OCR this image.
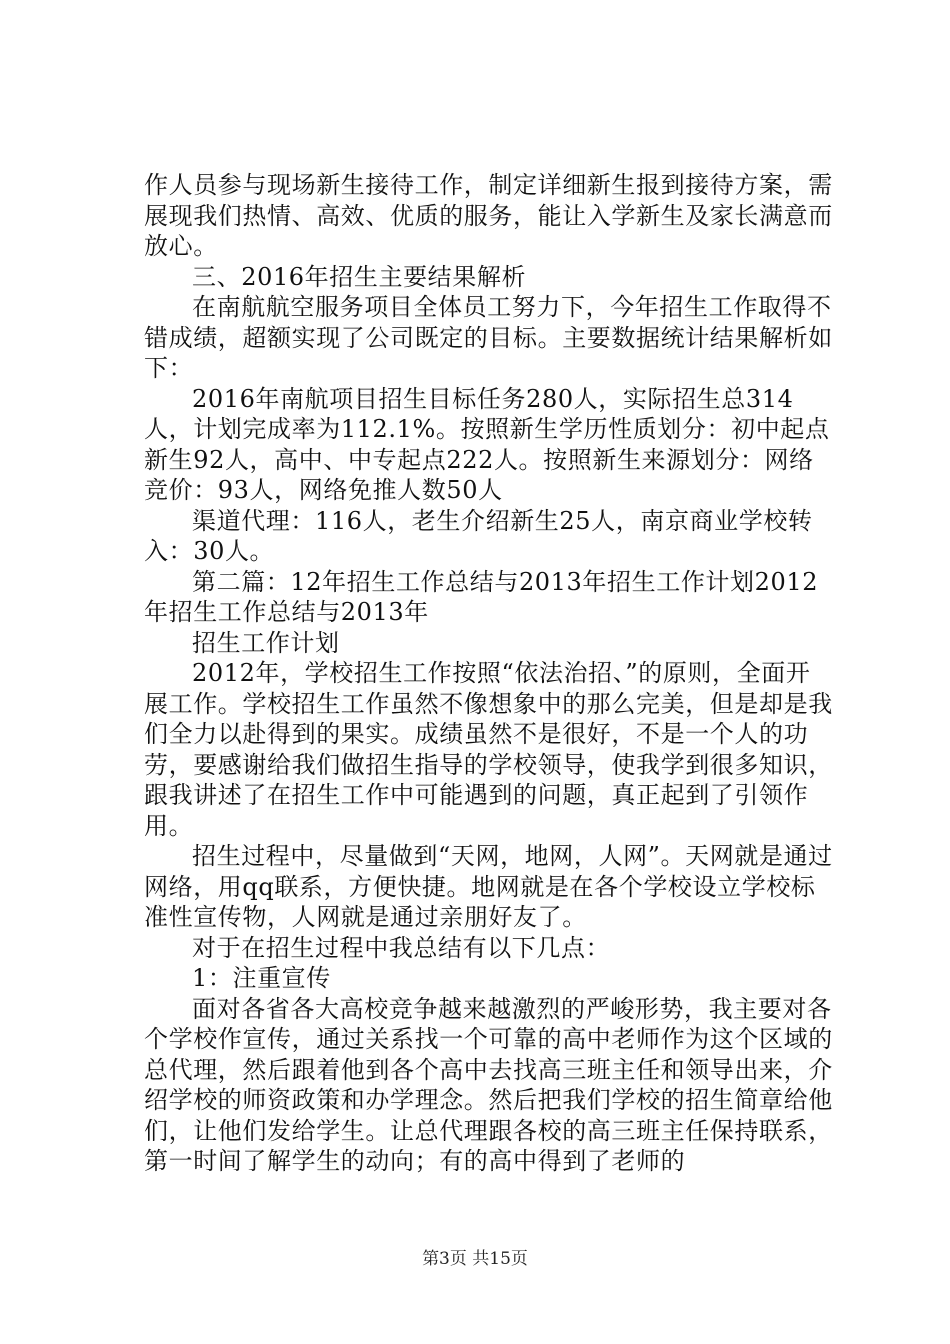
作人员参与现场新生接待工作，制定详细新生报到接待方案，需展现我们热情、高效、优质的服务，能让入学新生及家长满意而放心。

三、2016年招生主要结果解析

在南航航空服务项目全体员工努力下，今年招生工作取得不错成绩，超额实现了公司既定的目标。主要数据统计结果解析如下：

2016年南航项目招生目标任务280人，实际招生总314人，计划完成率为112.1%。按照新生学历性质划分：初中起点新生92人，高中、中专起点222人。按照新生来源划分：网络竞价：93人，网络免推人数50人

渠道代理：116人，老生介绍新生25人，南京商业学校转入：30人。

第二篇：12年招生工作总结与2013年招生工作计划2012年招生工作总结与2013年

招生工作计划

2012年，学校招生工作按照“依法治招、”的原则，全面开展工作。学校招生工作虽然不像想象中的那么完美，但是却是我们全力以赴得到的果实。成绩虽然不是很好，不是一个人的功劳，要感谢给我们做招生指导的学校领导，使我学到很多知识，跟我讲述了在招生工作中可能遇到的问题，真正起到了引领作用。

招生过程中，尽量做到“天网，地网，人网”。天网就是通过网络，用qq联系，方便快捷。地网就是在各个学校设立学校标准性宣传物，人网就是通过亲朋好友了。

对于在招生过程中我总结有以下几点：

1：注重宣传

面对各省各大高校竞争越来越激烈的严峻形势，我主要对各个学校作宣传，通过关系找一个可靠的高中老师作为这个区域的总代理，然后跟着他到各个高中去找高三班主任和领导出来，介绍学校的师资政策和办学理念。然后把我们学校的招生简章给他们，让他们发给学生。让总代理跟各校的高三班主任保持联系，第一时间了解学生的动向；有的高中得到了老师的

第3页 共15页
